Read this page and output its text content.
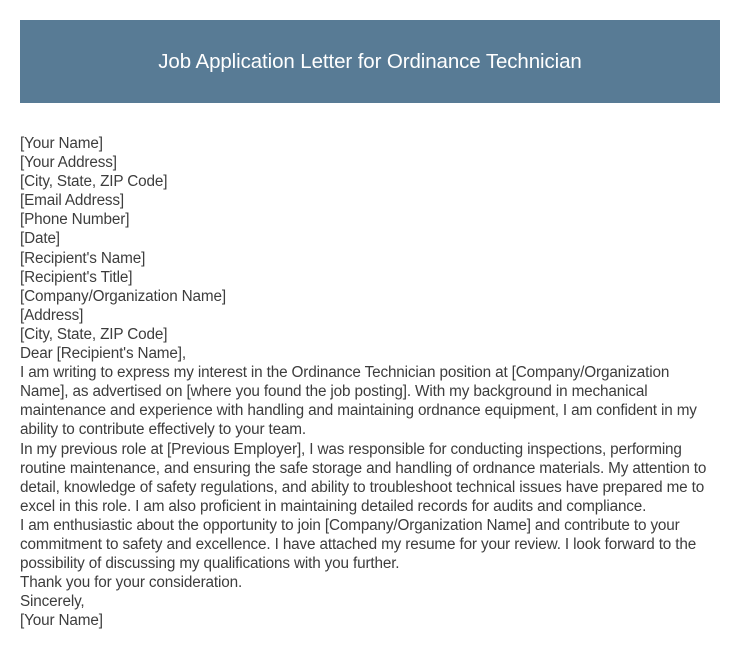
Job Application Letter for Ordinance Technician

[Your Name]

[Your Address]

[City, State, ZIP Code]

[Email Address]

[Phone Number]

[Date]

[Recipient's Name]

[Recipient's Title]

[Company/Organization Name]

[Address]

[City, State, ZIP Code]

Dear [Recipient's Name],

I am writing to express my interest in the Ordinance Technician position at [Company/Organization Name], as advertised on [where you found the job posting]. With my background in mechanical maintenance and experience with handling and maintaining ordnance equipment, I am confident in my ability to contribute effectively to your team.

In my previous role at [Previous Employer], I was responsible for conducting inspections, performing routine maintenance, and ensuring the safe storage and handling of ordnance materials. My attention to detail, knowledge of safety regulations, and ability to troubleshoot technical issues have prepared me to excel in this role. I am also proficient in maintaining detailed records for audits and compliance.

I am enthusiastic about the opportunity to join [Company/Organization Name] and contribute to your commitment to safety and excellence. I have attached my resume for your review. I look forward to the possibility of discussing my qualifications with you further.

Thank you for your consideration.

Sincerely,

[Your Name]
